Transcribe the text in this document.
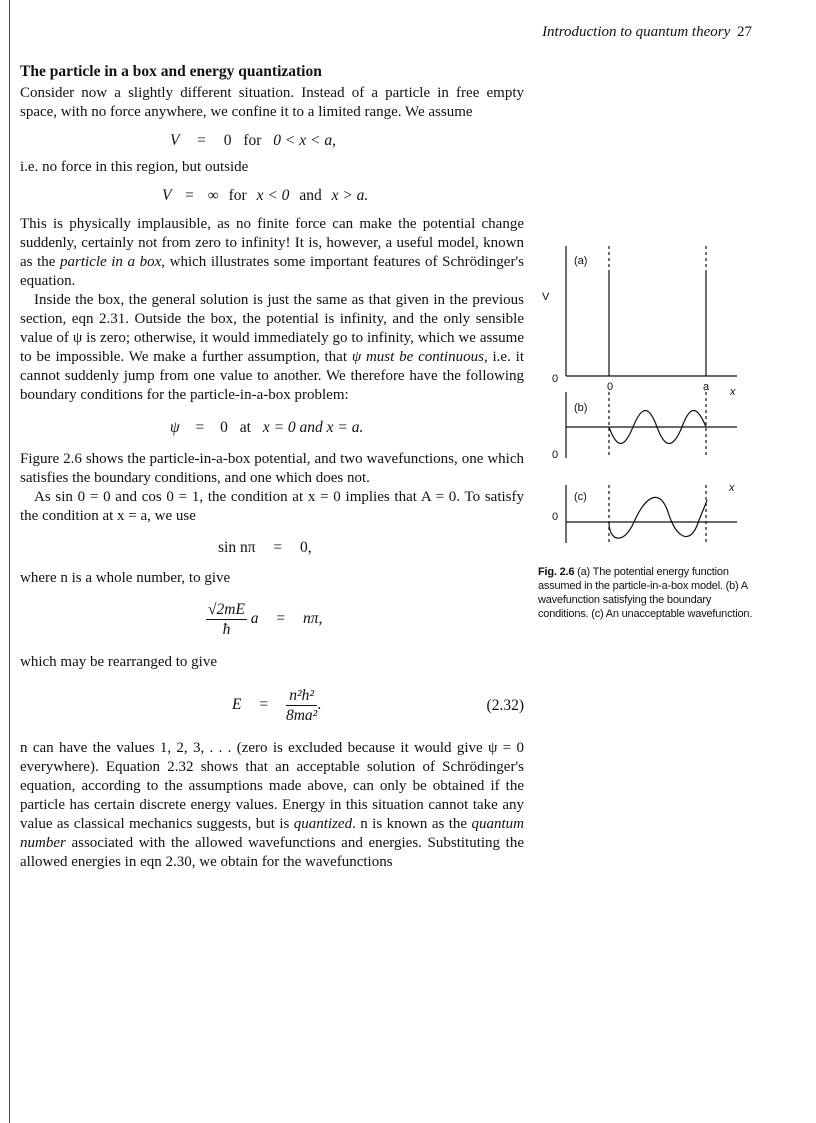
Introduction to quantum theory 27

The particle in a box and energy quantization

Consider now a slightly different situation. Instead of a particle in free empty space, with no force anywhere, we confine it to a limited range. We assume

V = 0 for 0 < x < a,

i.e. no force in this region, but outside

V = ∞ for x < 0 and x > a.

This is physically implausible, as no finite force can make the potential change suddenly, certainly not from zero to infinity! It is, however, a useful model, known as the particle in a box, which illustrates some important features of Schrödinger's equation.

Inside the box, the general solution is just the same as that given in the previous section, eqn 2.31. Outside the box, the potential is infinity, and the only sensible value of ψ is zero; otherwise, it would immediately go to infinity, which we assume to be impossible. We make a further assumption, that ψ must be continuous, i.e. it cannot suddenly jump from one value to another. We therefore have the following boundary conditions for the particle-in-a-box problem:

ψ = 0 at x = 0 and x = a.

Figure 2.6 shows the particle-in-a-box potential, and two wavefunctions, one which satisfies the boundary conditions, and one which does not.

As sin 0 = 0 and cos 0 = 1, the condition at x = 0 implies that A = 0. To satisfy the condition at x = a, we use

sin nπ = 0,

where n is a whole number, to give

$\frac{√2mE}{ħ}$ a = nπ,

which may be rearranged to give

$E = \frac{\text{n²h²}}{\text{8ma²}}$ .	(2.32)

n can have the values 1, 2, 3, . . . (zero is excluded because it would give ψ = 0 everywhere). Equation 2.32 shows that an acceptable solution of Schrödinger's equation, according to the assumptions made above, can only be obtained if the particle has certain discrete energy values. Energy in this situation cannot take any value as classical mechanics suggests, but is quantized. n is known as the quantum number associated with the allowed wavefunctions and energies. Substituting the allowed energies in eqn 2.30, we obtain for the wavefunctions

(a)
V
0
0	a x
(b)
0
x
(c)
0
Fig. 2.6 (a) The potential energy function assumed in the particle-in-a-box model. (b) A wavefunction satisfying the boundary conditions. (c) An unacceptable wavefunction.
